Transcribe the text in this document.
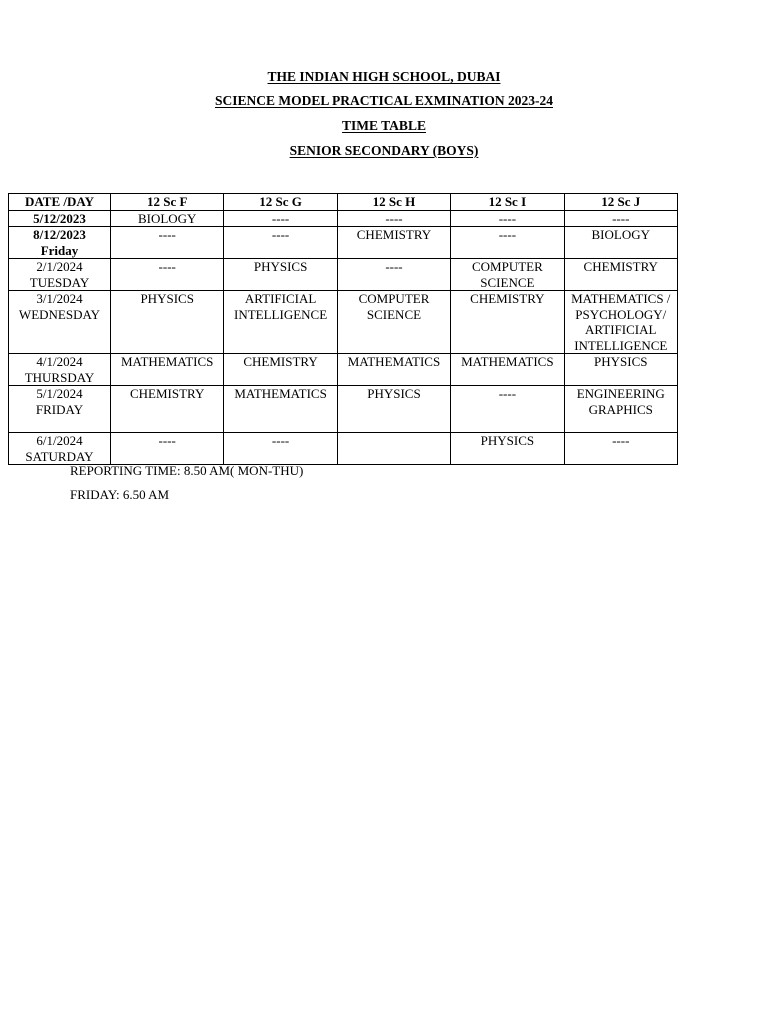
THE INDIAN HIGH SCHOOL, DUBAI
SCIENCE MODEL PRACTICAL EXMINATION 2023-24
TIME TABLE
SENIOR SECONDARY (BOYS)
DATE /DAY	12 Sc F	12 Sc G	12 Sc H	12 Sc I	12 Sc J

5/12/2023	BIOLOGY	----	----	----	----

8/12/2023
Friday	----	----	CHEMISTRY	----	BIOLOGY

2/1/2024
TUESDAY	----	PHYSICS	----	COMPUTER SCIENCE	CHEMISTRY

3/1/2024
WEDNESDAY	PHYSICS	ARTIFICIAL INTELLIGENCE	COMPUTER SCIENCE	CHEMISTRY	MATHEMATICS / PSYCHOLOGY/ ARTIFICIAL INTELLIGENCE

4/1/2024
THURSDAY	MATHEMATICS	CHEMISTRY	MATHEMATICS	MATHEMATICS	PHYSICS

5/1/2024
FRIDAY	CHEMISTRY	MATHEMATICS	PHYSICS	----	ENGINEERING GRAPHICS

6/1/2024
SATURDAY	----	----		PHYSICS	----
REPORTING TIME: 8.50 AM( MON-THU)
FRIDAY: 6.50 AM
